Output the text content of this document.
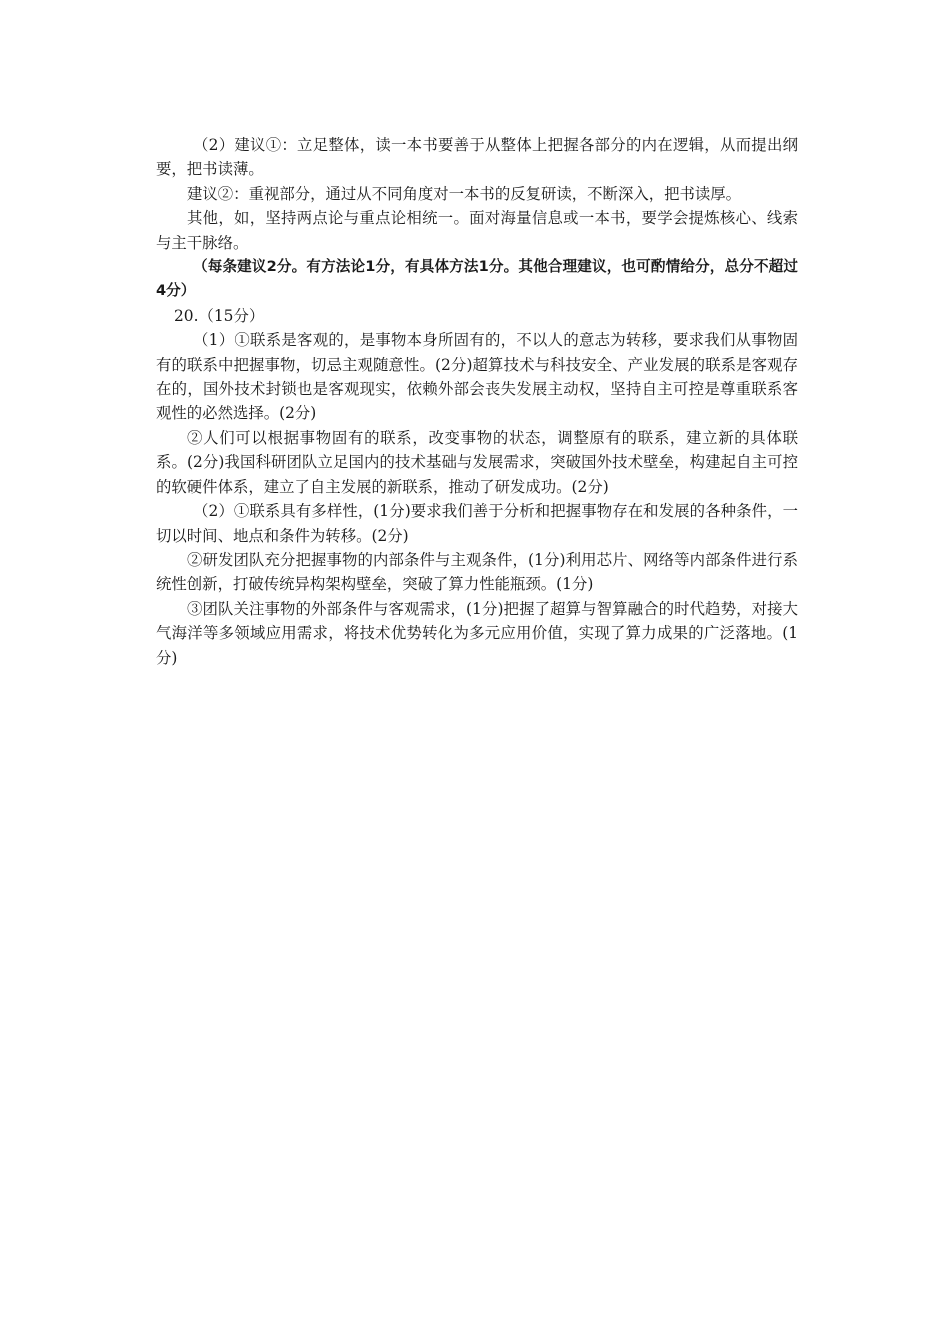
（2）建议①：立足整体，读一本书要善于从整体上把握各部分的内在逻辑，从而提出纲要，把书读薄。

建议②：重视部分，通过从不同角度对一本书的反复研读，不断深入，把书读厚。

其他，如，坚持两点论与重点论相统一。面对海量信息或一本书，要学会提炼核心、线索与主干脉络。

（每条建议2分。有方法论1分，有具体方法1分。其他合理建议，也可酌情给分，总分不超过4分）

20.（15分）

（1）①联系是客观的，是事物本身所固有的，不以人的意志为转移，要求我们从事物固有的联系中把握事物，切忌主观随意性。(2分)超算技术与科技安全、产业发展的联系是客观存在的，国外技术封锁也是客观现实，依赖外部会丧失发展主动权，坚持自主可控是尊重联系客观性的必然选择。(2分)

②人们可以根据事物固有的联系，改变事物的状态，调整原有的联系，建立新的具体联系。(2分)我国科研团队立足国内的技术基础与发展需求，突破国外技术壁垒，构建起自主可控的软硬件体系，建立了自主发展的新联系，推动了研发成功。(2分)

（2）①联系具有多样性，(1分)要求我们善于分析和把握事物存在和发展的各种条件，一切以时间、地点和条件为转移。(2分)

②研发团队充分把握事物的内部条件与主观条件，(1分)利用芯片、网络等内部条件进行系统性创新，打破传统异构架构壁垒，突破了算力性能瓶颈。(1分)

③团队关注事物的外部条件与客观需求，(1分)把握了超算与智算融合的时代趋势，对接大气海洋等多领域应用需求，将技术优势转化为多元应用价值，实现了算力成果的广泛落地。(1分)
